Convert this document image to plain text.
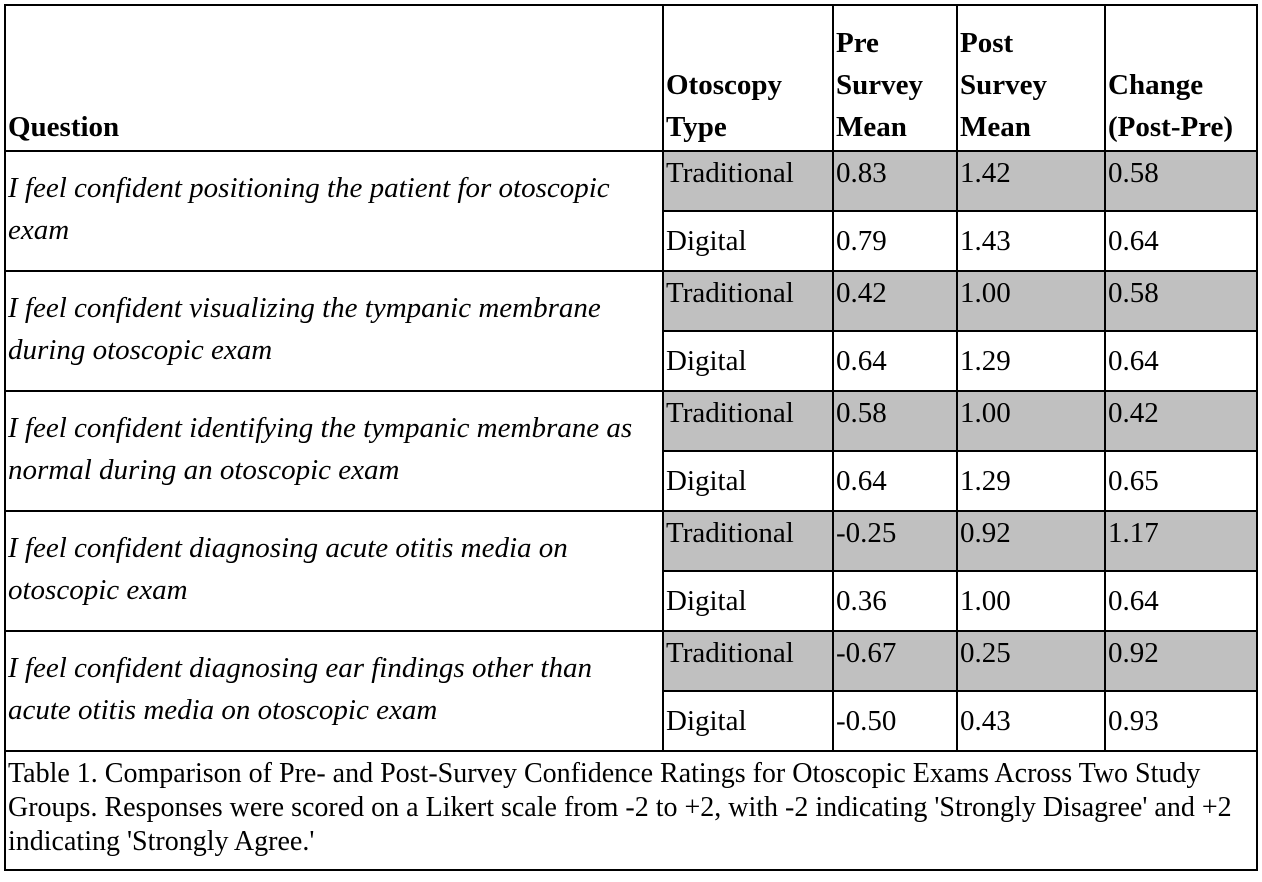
Question	Otoscopy Type	Pre Survey Mean	Post Survey Mean	Change (Post-Pre)
I feel confident positioning the patient for otoscopic exam	Traditional	0.83	1.42	0.58
	Digital	0.79	1.43	0.64
I feel confident visualizing the tympanic membrane during otoscopic exam	Traditional	0.42	1.00	0.58
	Digital	0.64	1.29	0.64
I feel confident identifying the tympanic membrane as normal during an otoscopic exam	Traditional	0.58	1.00	0.42
	Digital	0.64	1.29	0.65
I feel confident diagnosing acute otitis media on otoscopic exam	Traditional	-0.25	0.92	1.17
	Digital	0.36	1.00	0.64
I feel confident diagnosing ear findings other than acute otitis media on otoscopic exam	Traditional	-0.67	0.25	0.92
	Digital	-0.50	0.43	0.93
Table 1. Comparison of Pre- and Post-Survey Confidence Ratings for Otoscopic Exams Across Two Study Groups. Responses were scored on a Likert scale from -2 to +2, with -2 indicating 'Strongly Disagree' and +2 indicating 'Strongly Agree.'				
